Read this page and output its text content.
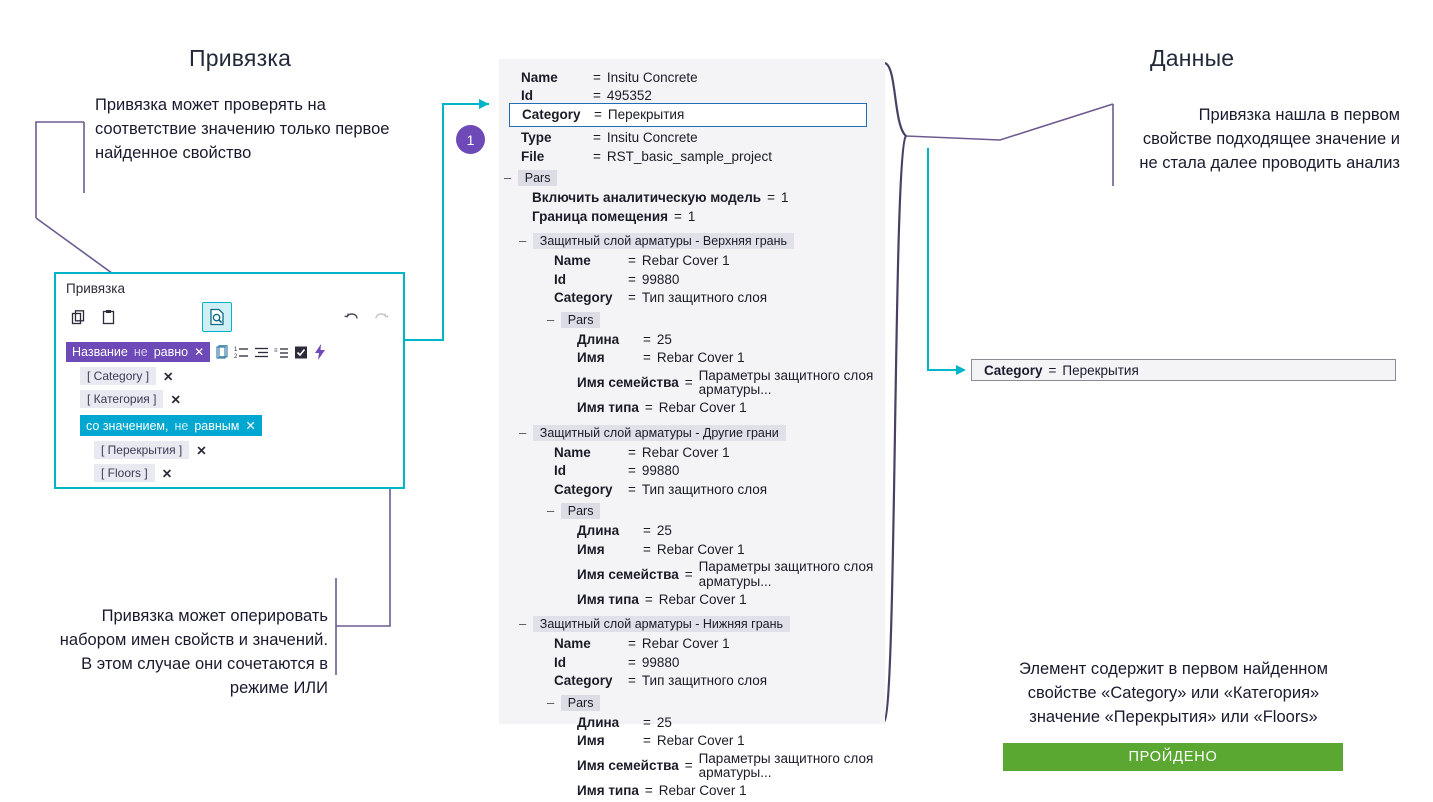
Привязка	Данные
Привязка может проверять на соответствие значению только первое найденное свойство
Привязка может оперировать набором имен свойств и значений. В этом случае они сочетаются в режиме ИЛИ
Привязка нашла в первом свойстве подходящее значение и не стала далее проводить анализ
Элемент содержит в первом найденном свойстве «Category» или «Категория» значение «Перекрытия» или «Floors»
1
Привязка
Название не равно ✕	1
2
≡
[ Category ]	✕
[ Категория ]	✕
со значением, не равным ✕
[ Перекрытия ]	✕
[ Floors ]	✕
Name	= Insitu Concrete
Id	= 495352
Category = Перекрытия
Type	= Insitu Concrete
File	= RST_basic_sample_project
– Pars
Включить аналитическую модель = 1
Граница помещения = 1
– Защитный слой арматуры - Верхняя грань
Name	= Rebar Cover 1
Id	= 99880
Category	= Тип защитного слоя
– Pars
Длина	= 25
Имя	= Rebar Cover 1
Имя семейства =
Параметры защитного слоя арматуры...
Имя типа = Rebar Cover 1
– Защитный слой арматуры - Другие грани
Name	= Rebar Cover 1
Id	= 99880
Category	= Тип защитного слоя
– Pars
Длина	= 25
Имя	= Rebar Cover 1
Имя семейства =
Параметры защитного слоя арматуры...
Имя типа = Rebar Cover 1
– Защитный слой арматуры - Нижняя грань
Name	= Rebar Cover 1
Id	= 99880
Category	= Тип защитного слоя
– Pars
Длина	= 25
Имя	= Rebar Cover 1
Имя семейства =
Параметры защитного слоя арматуры...
Имя типа = Rebar Cover 1
Category = Перекрытия
ПРОЙДЕНО
